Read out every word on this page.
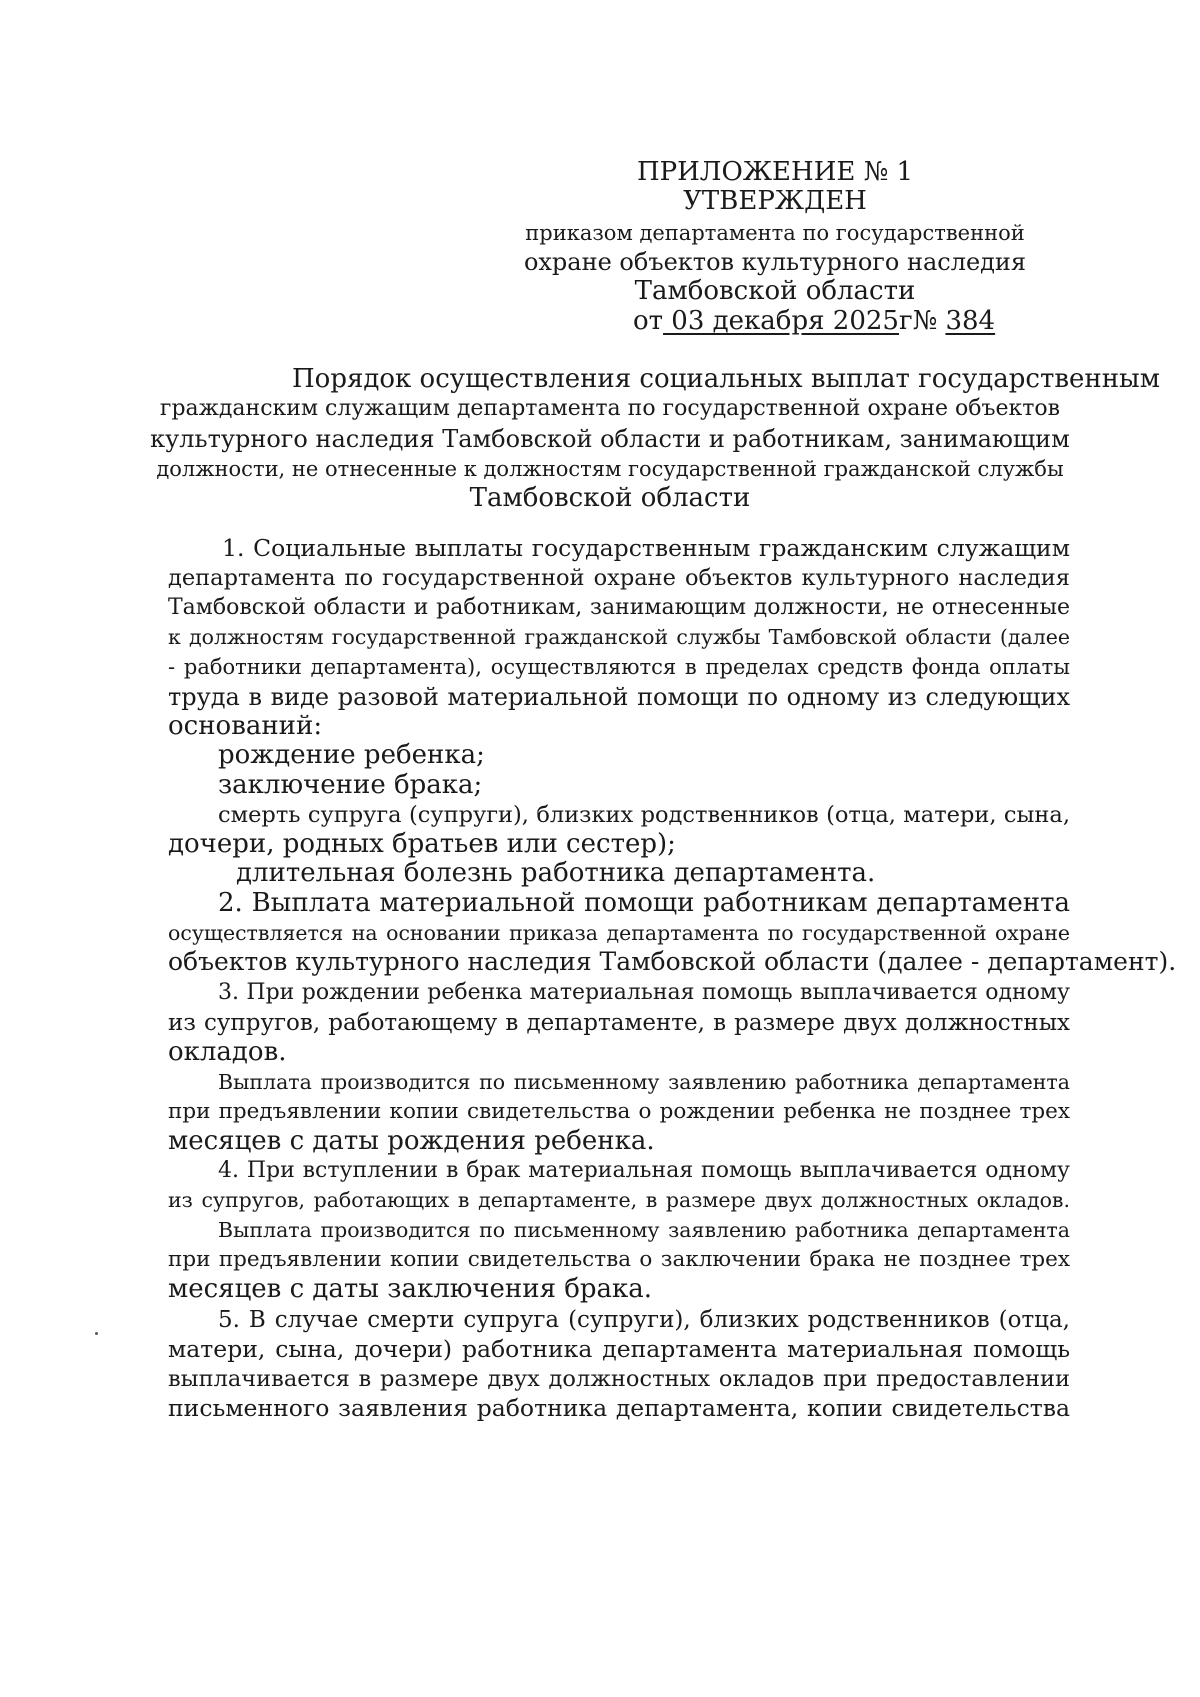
ПРИЛОЖЕНИЕ № 1
УТВЕРЖДЕН
приказом департамента по государственной
охране объектов культурного наследия
Тамбовской области
от 03 декабря 2025г№ 384
Порядок осуществления социальных выплат государственным
гражданским служащим департамента по государственной охране объектов
культурного наследия Тамбовской области и работникам, занимающим
должности, не отнесенные к должностям государственной гражданской службы
Тамбовской области
1. Социальные выплаты государственным гражданским служащим
департамента по государственной охране объектов культурного наследия
Тамбовской области и работникам, занимающим должности, не отнесенные
к должностям государственной гражданской службы Тамбовской области (далее
- работники департамента), осуществляются в пределах средств фонда оплаты
труда в виде разовой материальной помощи по одному из следующих
оснований:
рождение ребенка;
заключение брака;
смерть супруга (супруги), близких родственников (отца, матери, сына,
дочери, родных братьев или сестер);
длительная болезнь работника департамента.
2. Выплата материальной помощи работникам департамента
осуществляется на основании приказа департамента по государственной охране
объектов культурного наследия Тамбовской области (далее - департамент).
3. При рождении ребенка материальная помощь выплачивается одному
из супругов, работающему в департаменте, в размере двух должностных
окладов.
Выплата производится по письменному заявлению работника департамента
при предъявлении копии свидетельства о рождении ребенка не позднее трех
месяцев с даты рождения ребенка.
4. При вступлении в брак материальная помощь выплачивается одному
из супругов, работающих в департаменте, в размере двух должностных окладов.
Выплата производится по письменному заявлению работника департамента
при предъявлении копии свидетельства о заключении брака не позднее трех
месяцев с даты заключения брака.
5. В случае смерти супруга (супруги), близких родственников (отца,
матери, сына, дочери) работника департамента материальная помощь
выплачивается в размере двух должностных окладов при предоставлении
письменного заявления работника департамента, копии свидетельства
